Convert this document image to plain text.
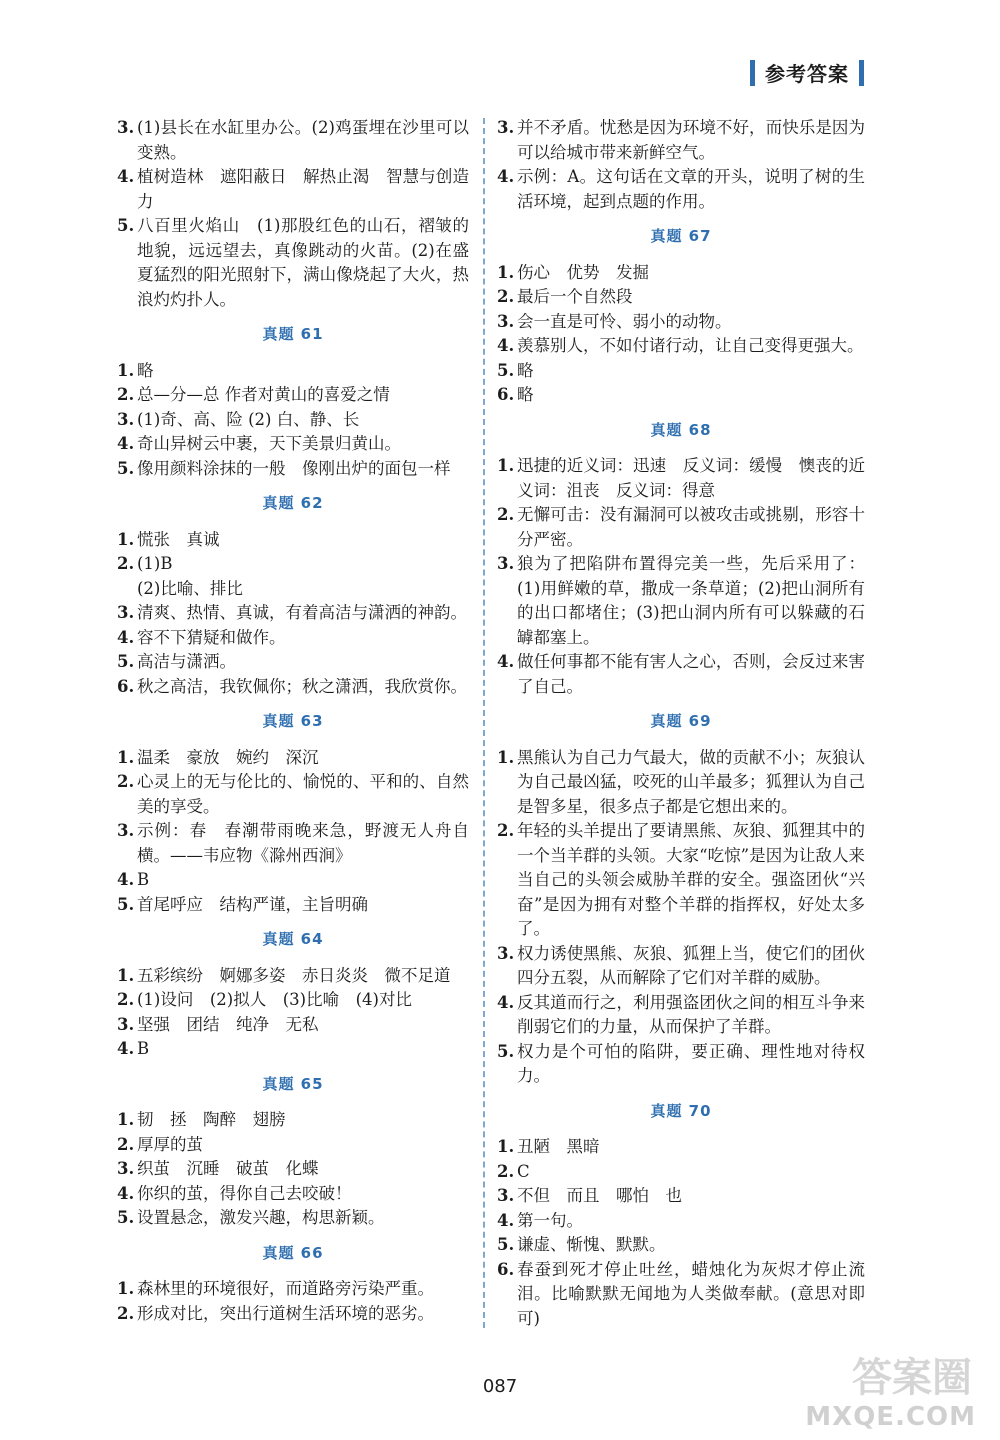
参考答案
3. (1)县长在水缸里办公。(2)鸡蛋埋在沙里可以变熟。
4. 植树造林　遮阳蔽日　解热止渴　智慧与创造力
5. 八百里火焰山　(1)那股红色的山石，褶皱的地貌，远远望去，真像跳动的火苗。(2)在盛夏猛烈的阳光照射下，满山像烧起了大火，热浪灼灼扑人。
真题 61
1. 略
2. 总—分—总 作者对黄山的喜爱之情
3. (1)奇、高、险 (2) 白、静、长
4. 奇山异树云中裹，天下美景归黄山。
5. 像用颜料涂抹的一般　像刚出炉的面包一样
真题 62
1. 慌张　真诚
2. (1)B
(2)比喻、排比
3. 清爽、热情、真诚，有着高洁与潇洒的神韵。
4. 容不下猜疑和做作。
5. 高洁与潇洒。
6. 秋之高洁，我钦佩你；秋之潇洒，我欣赏你。
真题 63
1. 温柔　豪放　婉约　深沉
2. 心灵上的无与伦比的、愉悦的、平和的、自然美的享受。
3. 示例：春　春潮带雨晚来急，野渡无人舟自横。——韦应物《滁州西涧》
4. B
5. 首尾呼应　结构严谨，主旨明确
真题 64
1. 五彩缤纷　婀娜多姿　赤日炎炎　微不足道
2. (1)设问　(2)拟人　(3)比喻　(4)对比
3. 坚强　团结　纯净　无私
4. B
真题 65
1. 韧　拯　陶醉　翅膀
2. 厚厚的茧
3. 织茧　沉睡　破茧　化蝶
4. 你织的茧，得你自己去咬破！
5. 设置悬念，激发兴趣，构思新颖。
真题 66
1. 森林里的环境很好，而道路旁污染严重。
2. 形成对比，突出行道树生活环境的恶劣。
3. 并不矛盾。忧愁是因为环境不好，而快乐是因为可以给城市带来新鲜空气。
4. 示例：A。这句话在文章的开头，说明了树的生活环境，起到点题的作用。
真题 67
1. 伤心　优势　发掘
2. 最后一个自然段
3. 会一直是可怜、弱小的动物。
4. 羡慕别人，不如付诸行动，让自己变得更强大。
5. 略
6. 略
真题 68
1. 迅捷的近义词：迅速　反义词：缓慢　懊丧的近义词：沮丧　反义词：得意
2. 无懈可击：没有漏洞可以被攻击或挑剔，形容十分严密。
3. 狼为了把陷阱布置得完美一些，先后采用了：(1)用鲜嫩的草，撒成一条草道；(2)把山洞所有的出口都堵住；(3)把山洞内所有可以躲藏的石罅都塞上。
4. 做任何事都不能有害人之心，否则，会反过来害了自己。
真题 69
1. 黑熊认为自己力气最大，做的贡献不小；灰狼认为自己最凶猛，咬死的山羊最多；狐狸认为自己是智多星，很多点子都是它想出来的。
2. 年轻的头羊提出了要请黑熊、灰狼、狐狸其中的一个当羊群的头领。大家“吃惊”是因为让敌人来当自己的头领会威胁羊群的安全。强盗团伙“兴奋”是因为拥有对整个羊群的指挥权，好处太多了。
3. 权力诱使黑熊、灰狼、狐狸上当，使它们的团伙四分五裂，从而解除了它们对羊群的威胁。
4. 反其道而行之，利用强盗团伙之间的相互斗争来削弱它们的力量，从而保护了羊群。
5. 权力是个可怕的陷阱，要正确、理性地对待权力。
真题 70
1. 丑陋　黑暗
2. C
3. 不但　而且　哪怕　也
4. 第一句。
5. 谦虚、惭愧、默默。
6. 春蚕到死才停止吐丝，蜡烛化为灰烬才停止流泪。比喻默默无闻地为人类做奉献。(意思对即可)
087	答案圈
MXQE.COM
